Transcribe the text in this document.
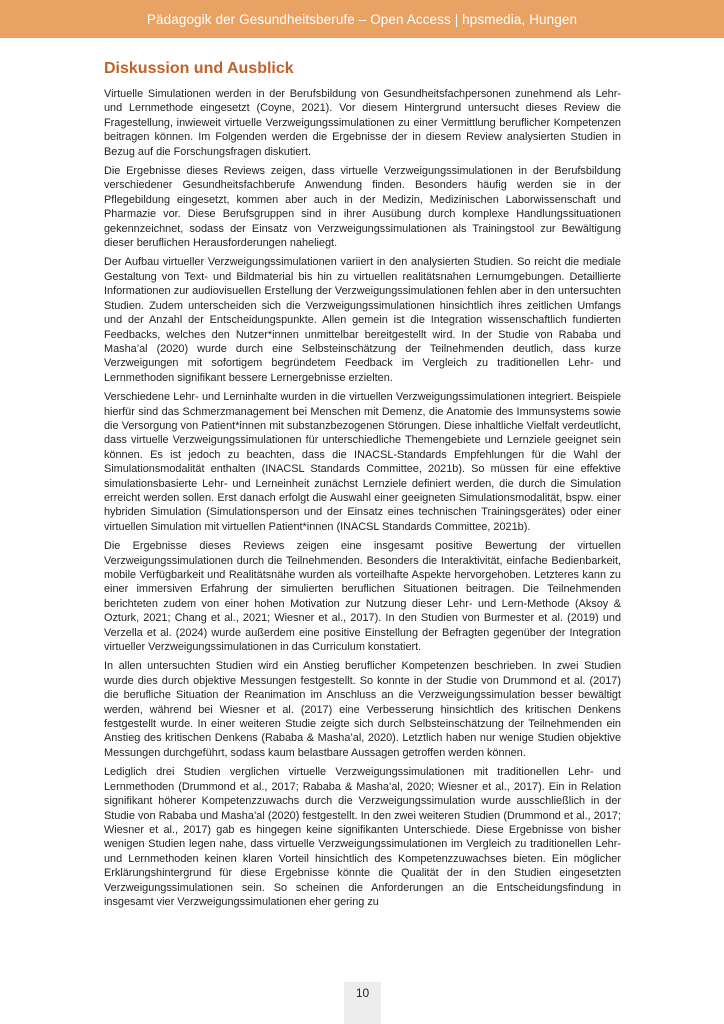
Pädagogik der Gesundheitsberufe – Open Access | hpsmedia, Hungen
Diskussion und Ausblick

Virtuelle Simulationen werden in der Berufsbildung von Gesundheitsfachpersonen zunehmend als Lehr- und Lernmethode eingesetzt (Coyne, 2021). Vor diesem Hintergrund untersucht dieses Review die Fragestellung, inwieweit virtuelle Verzweigungssimulationen zu einer Vermittlung beruflicher Kompetenzen beitragen können. Im Folgenden werden die Ergebnisse der in diesem Review analysierten Studien in Bezug auf die Forschungsfragen diskutiert.

Die Ergebnisse dieses Reviews zeigen, dass virtuelle Verzweigungssimulationen in der Berufsbildung verschiedener Gesundheitsfachberufe Anwendung finden. Besonders häufig werden sie in der Pflegebildung eingesetzt, kommen aber auch in der Medizin, Medizinischen Laborwissenschaft und Pharmazie vor. Diese Berufsgruppen sind in ihrer Ausübung durch komplexe Handlungssituationen gekennzeichnet, sodass der Einsatz von Verzweigungssimulationen als Trainingstool zur Bewältigung dieser beruflichen Herausforderungen naheliegt.

Der Aufbau virtueller Verzweigungssimulationen variiert in den analysierten Studien. So reicht die mediale Gestaltung von Text- und Bildmaterial bis hin zu virtuellen realitätsnahen Lernumgebungen. Detaillierte Informationen zur audiovisuellen Erstellung der Verzweigungssimulationen fehlen aber in den untersuchten Studien. Zudem unterscheiden sich die Verzweigungssimulationen hinsichtlich ihres zeitlichen Umfangs und der Anzahl der Entscheidungspunkte. Allen gemein ist die Integration wissenschaftlich fundierten Feedbacks, welches den Nutzer*innen unmittelbar bereitgestellt wird. In der Studie von Rababa und Masha’al (2020) wurde durch eine Selbsteinschätzung der Teilnehmenden deutlich, dass kurze Verzweigungen mit sofortigem begründetem Feedback im Vergleich zu traditionellen Lehr- und Lernmethoden signifikant bessere Lernergebnisse erzielten.

Verschiedene Lehr- und Lerninhalte wurden in die virtuellen Verzweigungssimulationen integriert. Beispiele hierfür sind das Schmerzmanagement bei Menschen mit Demenz, die Anatomie des Immunsystems sowie die Versorgung von Patient*innen mit substanzbezogenen Störungen. Diese inhaltliche Vielfalt verdeutlicht, dass virtuelle Verzweigungssimulationen für unterschiedliche Themengebiete und Lernziele geeignet sein können. Es ist jedoch zu beachten, dass die INACSL-Standards Empfehlungen für die Wahl der Simulationsmodalität enthalten (INACSL Standards Committee, 2021b). So müssen für eine effektive simulationsbasierte Lehr- und Lerneinheit zunächst Lernziele definiert werden, die durch die Simulation erreicht werden sollen. Erst danach erfolgt die Auswahl einer geeigneten Simulationsmodalität, bspw. einer hybriden Simulation (Simulationsperson und der Einsatz eines technischen Trainingsgerätes) oder einer virtuellen Simulation mit virtuellen Patient*innen (INACSL Standards Committee, 2021b).

Die Ergebnisse dieses Reviews zeigen eine insgesamt positive Bewertung der virtuellen Verzweigungssimulationen durch die Teilnehmenden. Besonders die Interaktivität, einfache Bedienbarkeit, mobile Verfügbarkeit und Realitätsnähe wurden als vorteilhafte Aspekte hervorgehoben. Letzteres kann zu einer immersiven Erfahrung der simulierten beruflichen Situationen beitragen. Die Teilnehmenden berichteten zudem von einer hohen Motivation zur Nutzung dieser Lehr- und Lern-Methode (Aksoy & Ozturk, 2021; Chang et al., 2021; Wiesner et al., 2017). In den Studien von Burmester et al. (2019) und Verzella et al. (2024) wurde außerdem eine positive Einstellung der Befragten gegenüber der Integration virtueller Verzweigungssimulationen in das Curriculum konstatiert.

In allen untersuchten Studien wird ein Anstieg beruflicher Kompetenzen beschrieben. In zwei Studien wurde dies durch objektive Messungen festgestellt. So konnte in der Studie von Drummond et al. (2017) die berufliche Situation der Reanimation im Anschluss an die Verzweigungssimulation besser bewältigt werden, während bei Wiesner et al. (2017) eine Verbesserung hinsichtlich des kritischen Denkens festgestellt wurde. In einer weiteren Studie zeigte sich durch Selbsteinschätzung der Teilnehmenden ein Anstieg des kritischen Denkens (Rababa & Masha’al, 2020). Letztlich haben nur wenige Studien objektive Messungen durchgeführt, sodass kaum belastbare Aussagen getroffen werden können.

Lediglich drei Studien verglichen virtuelle Verzweigungssimulationen mit traditionellen Lehr- und Lernmethoden (Drummond et al., 2017; Rababa & Masha’al, 2020; Wiesner et al., 2017). Ein in Relation signifikant höherer Kompetenzzuwachs durch die Verzweigungssimulation wurde ausschließlich in der Studie von Rababa und Masha’al (2020) festgestellt. In den zwei weiteren Studien (Drummond et al., 2017; Wiesner et al., 2017) gab es hingegen keine signifikanten Unterschiede. Diese Ergebnisse von bisher wenigen Studien legen nahe, dass virtuelle Verzweigungssimulationen im Vergleich zu traditionellen Lehr- und Lernmethoden keinen klaren Vorteil hinsichtlich des Kompetenzzuwachses bieten. Ein möglicher Erklärungshintergrund für diese Ergebnisse könnte die Qualität der in den Studien eingesetzten Verzweigungssimulationen sein. So scheinen die Anforderungen an die Entscheidungsfindung in insgesamt vier Verzweigungssimulationen eher gering zu

10
